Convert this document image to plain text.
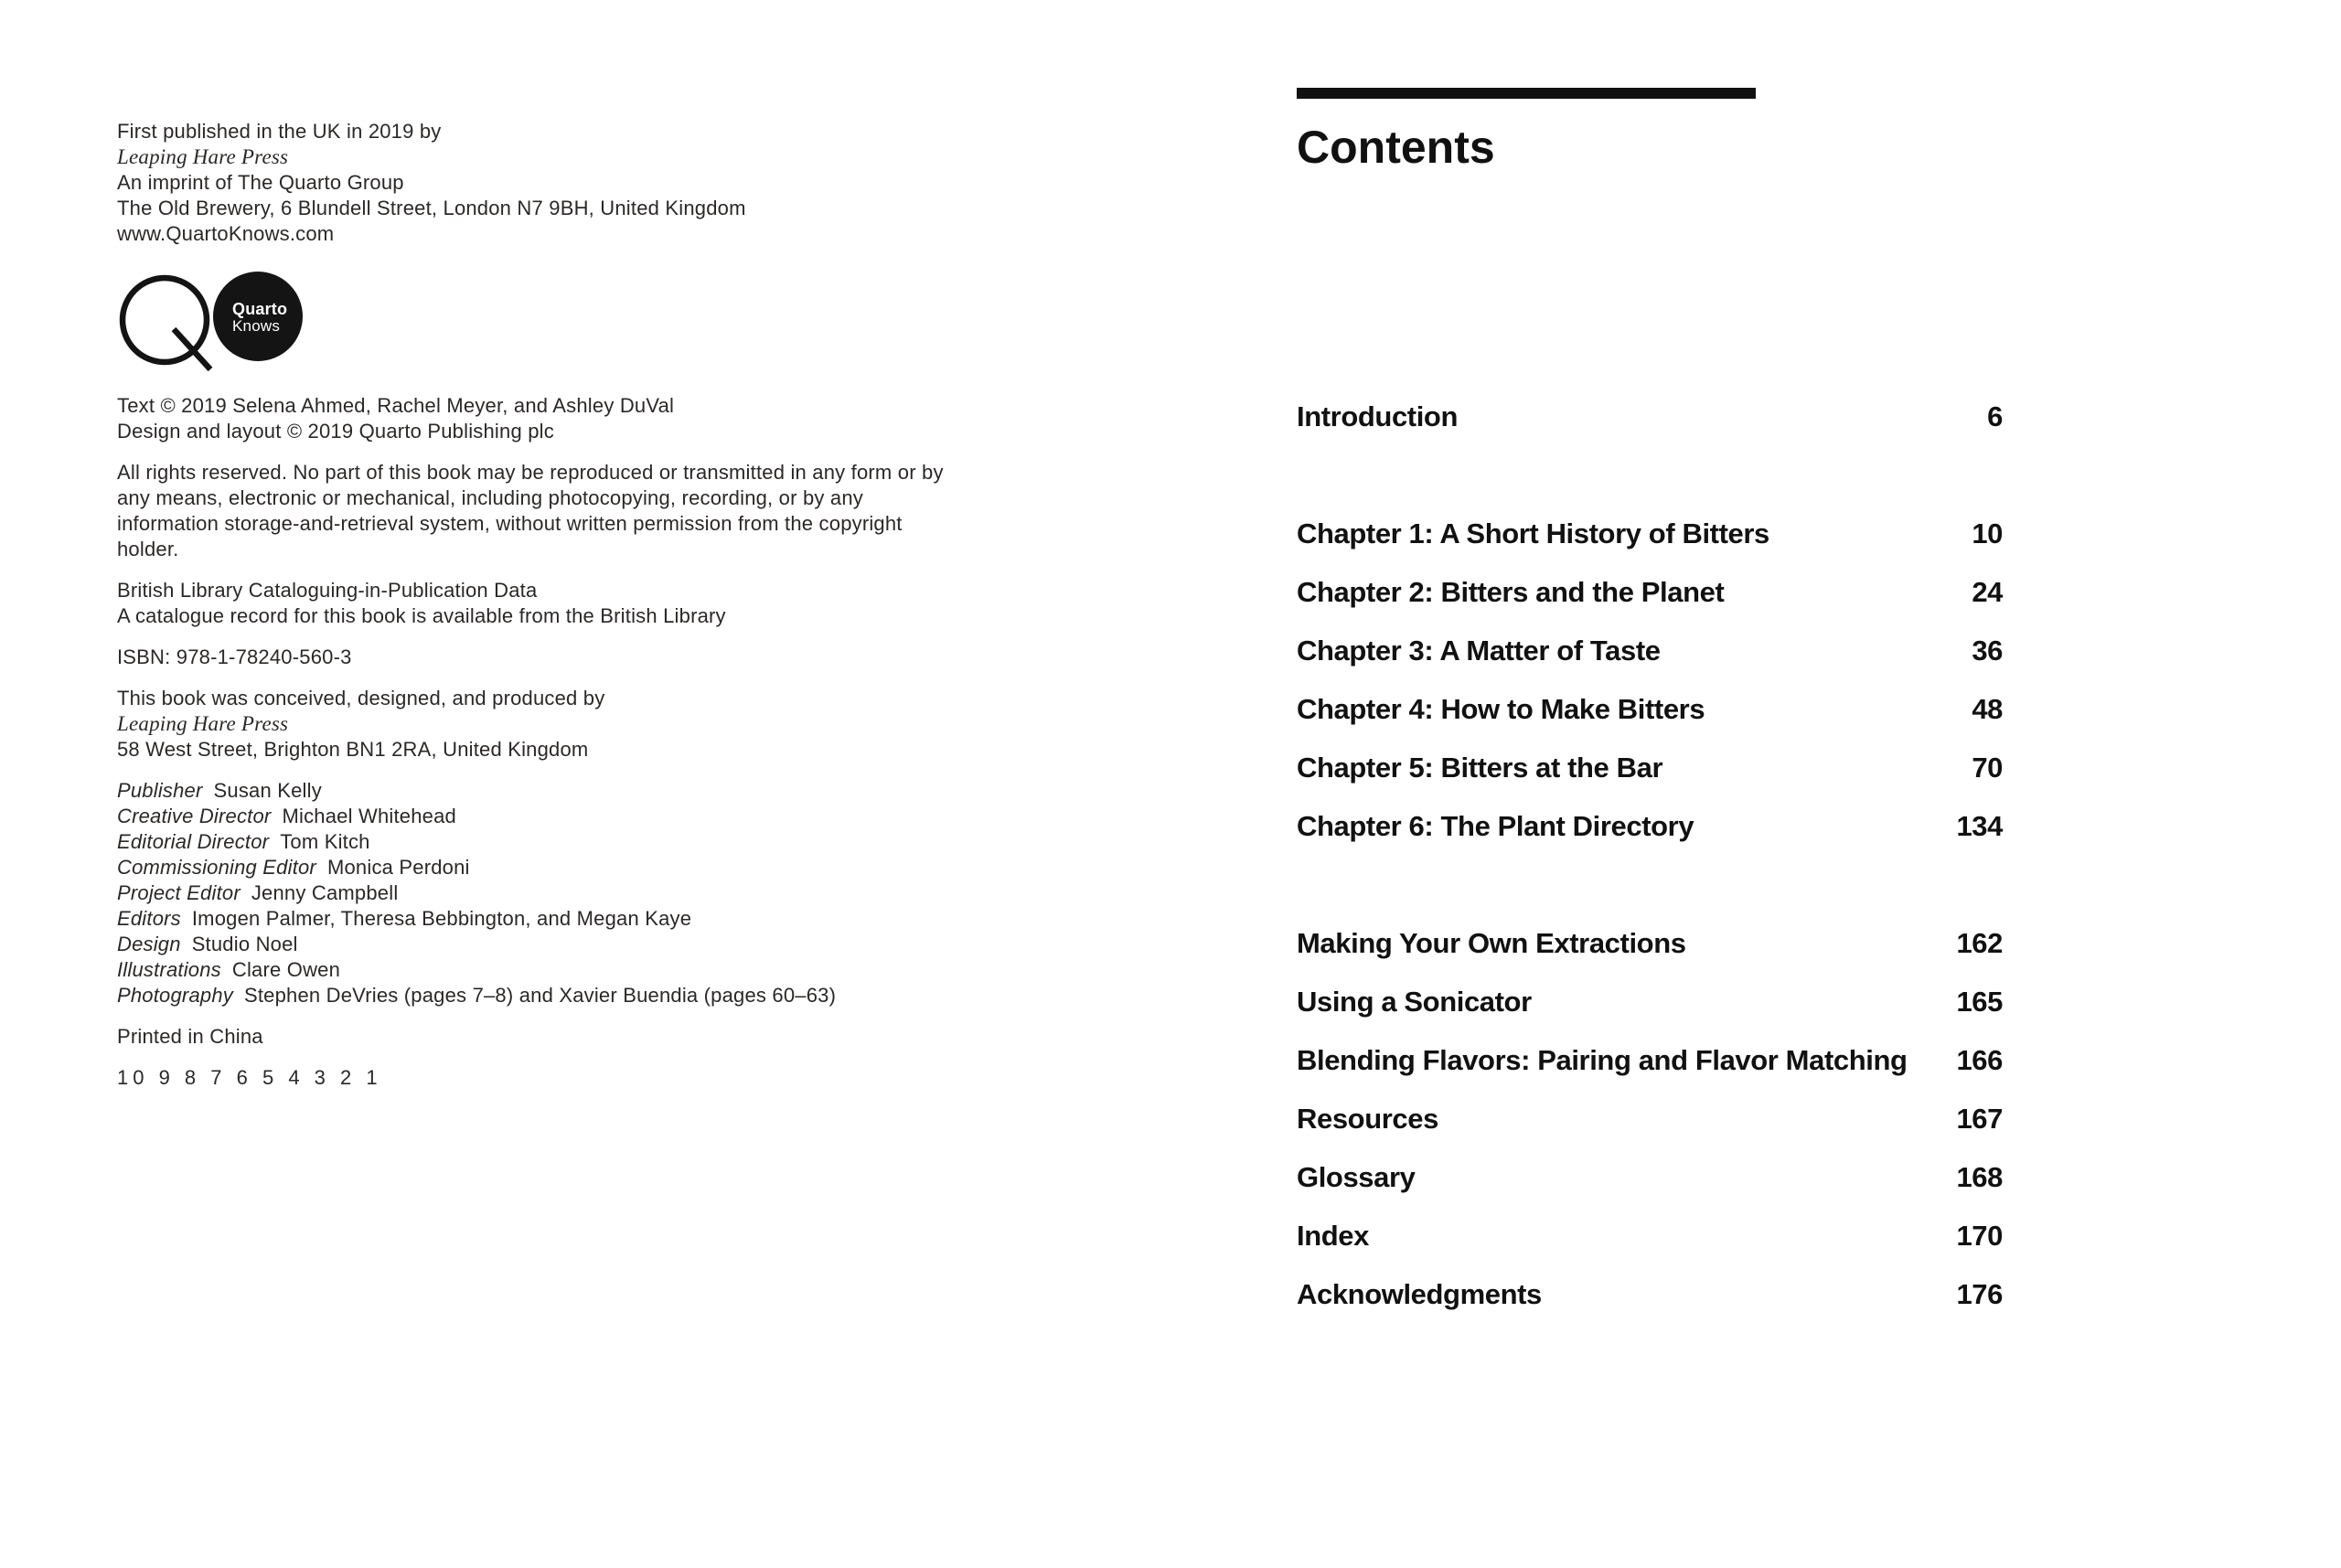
First published in the UK in 2019 by
Leaping Hare Press
An imprint of The Quarto Group
The Old Brewery, 6 Blundell Street, London N7 9BH, United Kingdom
www.QuartoKnows.com
Quarto
Knows
Text © 2019 Selena Ahmed, Rachel Meyer, and Ashley DuVal
Design and layout © 2019 Quarto Publishing plc
All rights reserved. No part of this book may be reproduced or transmitted in any form or by any means, electronic or mechanical, including photocopying, recording, or by any information storage-and-retrieval system, without written permission from the copyright holder.
British Library Cataloguing-in-Publication Data
A catalogue record for this book is available from the British Library
ISBN: 978-1-78240-560-3
This book was conceived, designed, and produced by
Leaping Hare Press
58 West Street, Brighton BN1 2RA, United Kingdom
Publisher Susan Kelly
Creative Director Michael Whitehead
Editorial Director Tom Kitch
Commissioning Editor Monica Perdoni
Project Editor Jenny Campbell
Editors Imogen Palmer, Theresa Bebbington, and Megan Kaye
Design Studio Noel
Illustrations Clare Owen
Photography Stephen DeVries (pages 7–8) and Xavier Buendia (pages 60–63)
Printed in China
10 9 8 7 6 5 4 3 2 1
Contents
Introduction	6
Chapter 1: A Short History of Bitters	10
Chapter 2: Bitters and the Planet	24
Chapter 3: A Matter of Taste	36
Chapter 4: How to Make Bitters	48
Chapter 5: Bitters at the Bar	70
Chapter 6: The Plant Directory	134
Making Your Own Extractions	162
Using a Sonicator	165
Blending Flavors: Pairing and Flavor Matching 166
Resources	167
Glossary	168
Index	170
Acknowledgments	176
